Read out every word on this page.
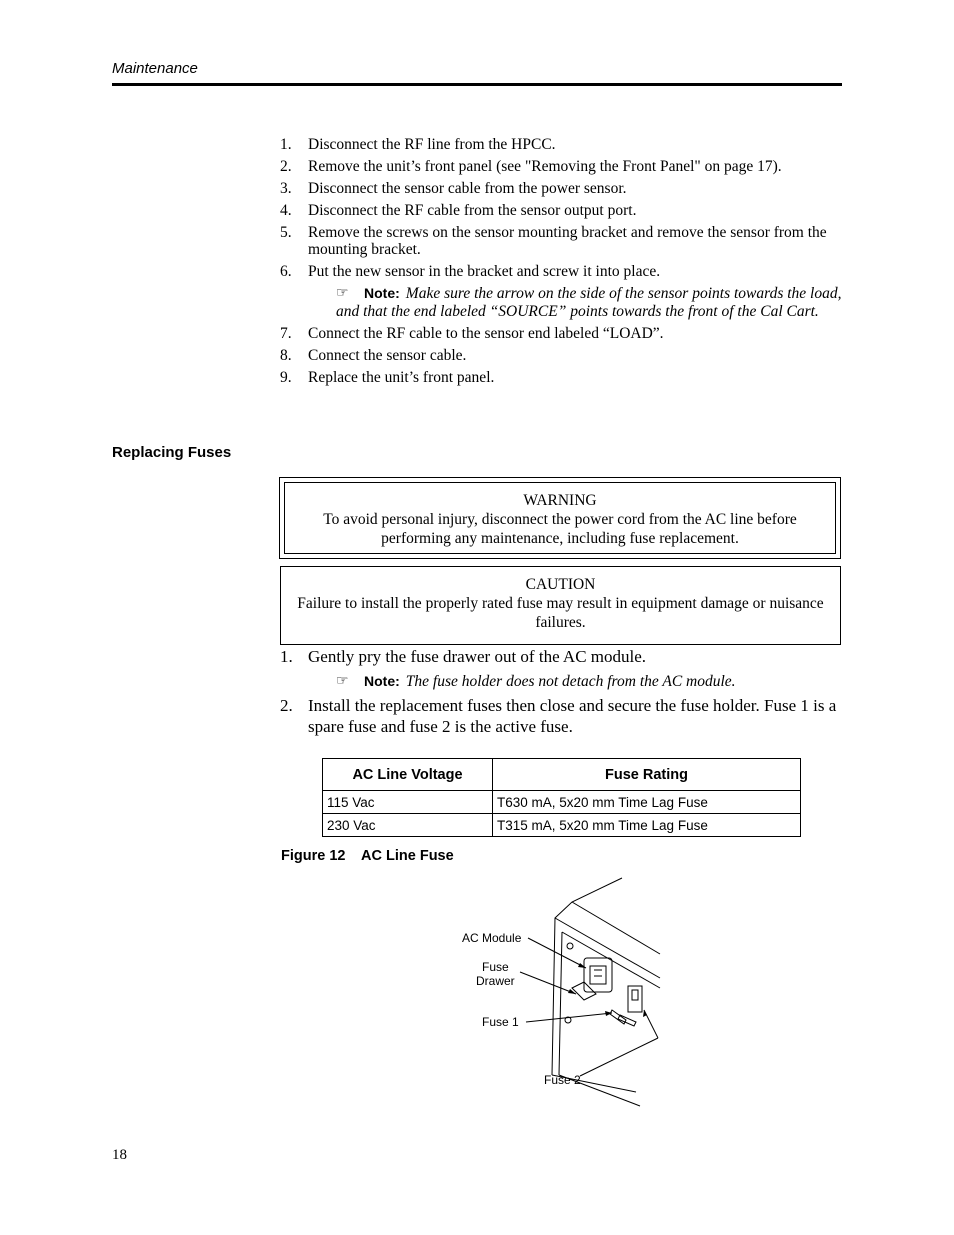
Maintenance
1. Disconnect the RF line from the HPCC.
2. Remove the unit’s front panel (see "Removing the Front Panel" on page 17).
3. Disconnect the sensor cable from the power sensor.
4. Disconnect the RF cable from the sensor output port.
5. Remove the screws on the sensor mounting bracket and remove the sensor from the mounting bracket.
6. Put the new sensor in the bracket and screw it into place.
☞ Note: Make sure the arrow on the side of the sensor points towards the load, and that the end labeled “SOURCE” points towards the front of the Cal Cart.
7. Connect the RF cable to the sensor end labeled “LOAD”.
8. Connect the sensor cable.
9. Replace the unit’s front panel.
Replacing Fuses
WARNING
To avoid personal injury, disconnect the power cord from the AC line before performing any maintenance, including fuse replacement.
CAUTION
Failure to install the properly rated fuse may result in equipment damage or nuisance failures.
1. Gently pry the fuse drawer out of the AC module.
☞ Note: The fuse holder does not detach from the AC module.
2. Install the replacement fuses then close and secure the fuse holder. Fuse 1 is a spare fuse and fuse 2 is the active fuse.
AC Line Voltage	Fuse Rating
115 Vac	T630 mA, 5x20 mm Time Lag Fuse
230 Vac	T315 mA, 5x20 mm Time Lag Fuse
Figure 12    AC Line Fuse
AC Module
Fuse
Drawer
Fuse 1
Fuse 2
18
